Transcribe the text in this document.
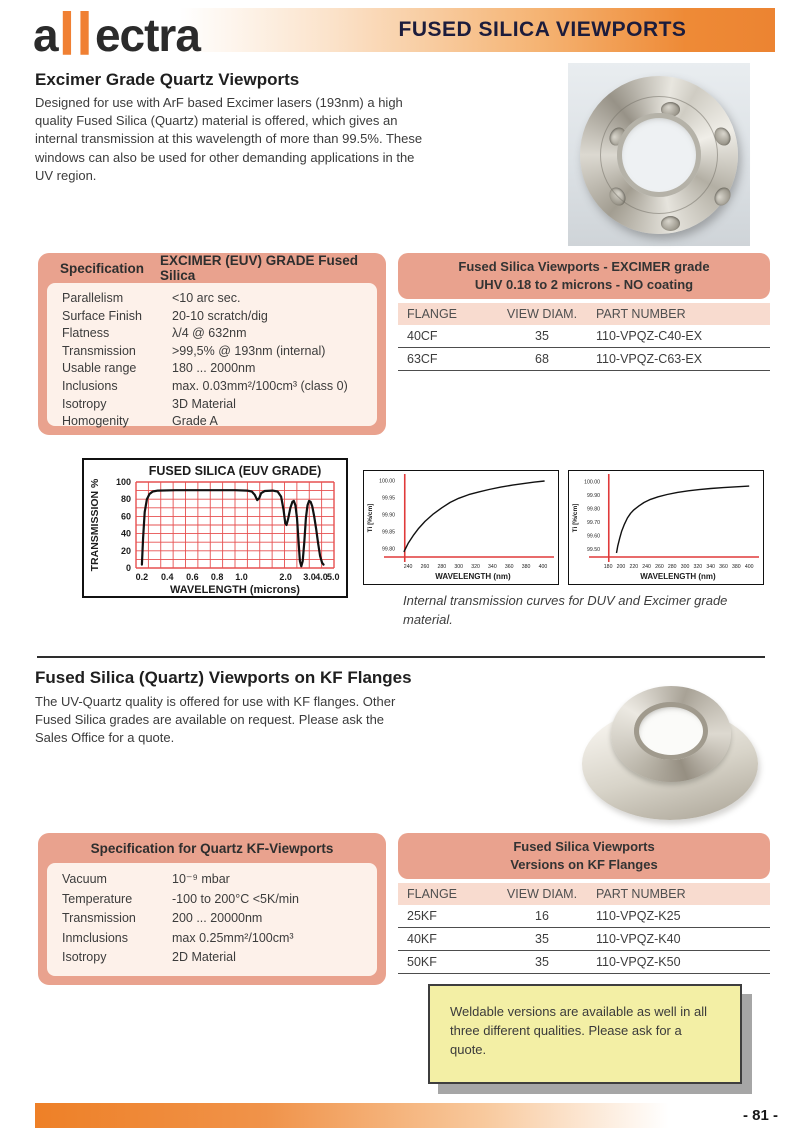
FUSED SILICA VIEWPORTS
a ll ectra
Excimer Grade Quartz Viewports
Designed for use with ArF based Excimer lasers (193nm) a high quality Fused Silica (Quartz) material is offered, which gives an internal transmission at this wavelength of more than 99.5%. These windows can also be used for other demanding applications in the UV region.
Specification EXCIMER (EUV) GRADE Fused Silica
Parallelism	<10 arc sec.
Surface Finish	20-10 scratch/dig
Flatness	λ/4 @ 632nm
Transmission	>99,5% @ 193nm (internal)
Usable range	180 ... 2000nm
Inclusions	max. 0.03mm²/100cm³ (class 0)
Isotropy	3D Material
Homogenity	Grade A
Fused Silica Viewports - EXCIMER grade
UHV 0.18 to 2 microns - NO coating
FLANGE	VIEW DIAM.	PART NUMBER
40CF	35	110-VPQZ-C40-EX
63CF	68	110-VPQZ-C63-EX
FUSED SILICA (EUV GRADE)
0
20
40
60
80
100
0.2 0.4 0.6 0.8 1.0	2.0 3.0 4.0 5.0
TRANSMISSION %
WAVELENGTH (microns)
100.00
99.95
99.90
99.85
99.80
240 260 280 300 320 340 360 380 400
Ti [%/cm]
WAVELENGTH (nm)
100.00
99.90
99.80
99.70
99.60
99.50
180 200 220 240 260 280 300 320 340 360 380 400
Ti [%/cm]
WAVELENGTH (nm)
Internal transmission curves for DUV and Excimer grade material.
Fused Silica (Quartz) Viewports on KF Flanges
The UV-Quartz quality is offered for use with KF flanges. Other Fused Silica grades are available on request. Please ask the Sales Office for a quote.
Specification for Quartz KF-Viewports
Vacuum	10⁻⁹ mbar
Temperature	-100 to 200°C <5K/min
Transmission	200 ... 20000nm
Inmclusions	max 0.25mm²/100cm³
Isotropy	2D Material
Fused Silica Viewports
Versions on KF Flanges
FLANGE	VIEW DIAM.	PART NUMBER
25KF	16	110-VPQZ-K25
40KF	35	110-VPQZ-K40
50KF	35	110-VPQZ-K50
Weldable versions are available as well in all three different qualities. Please ask for a quote.
- 81 -
